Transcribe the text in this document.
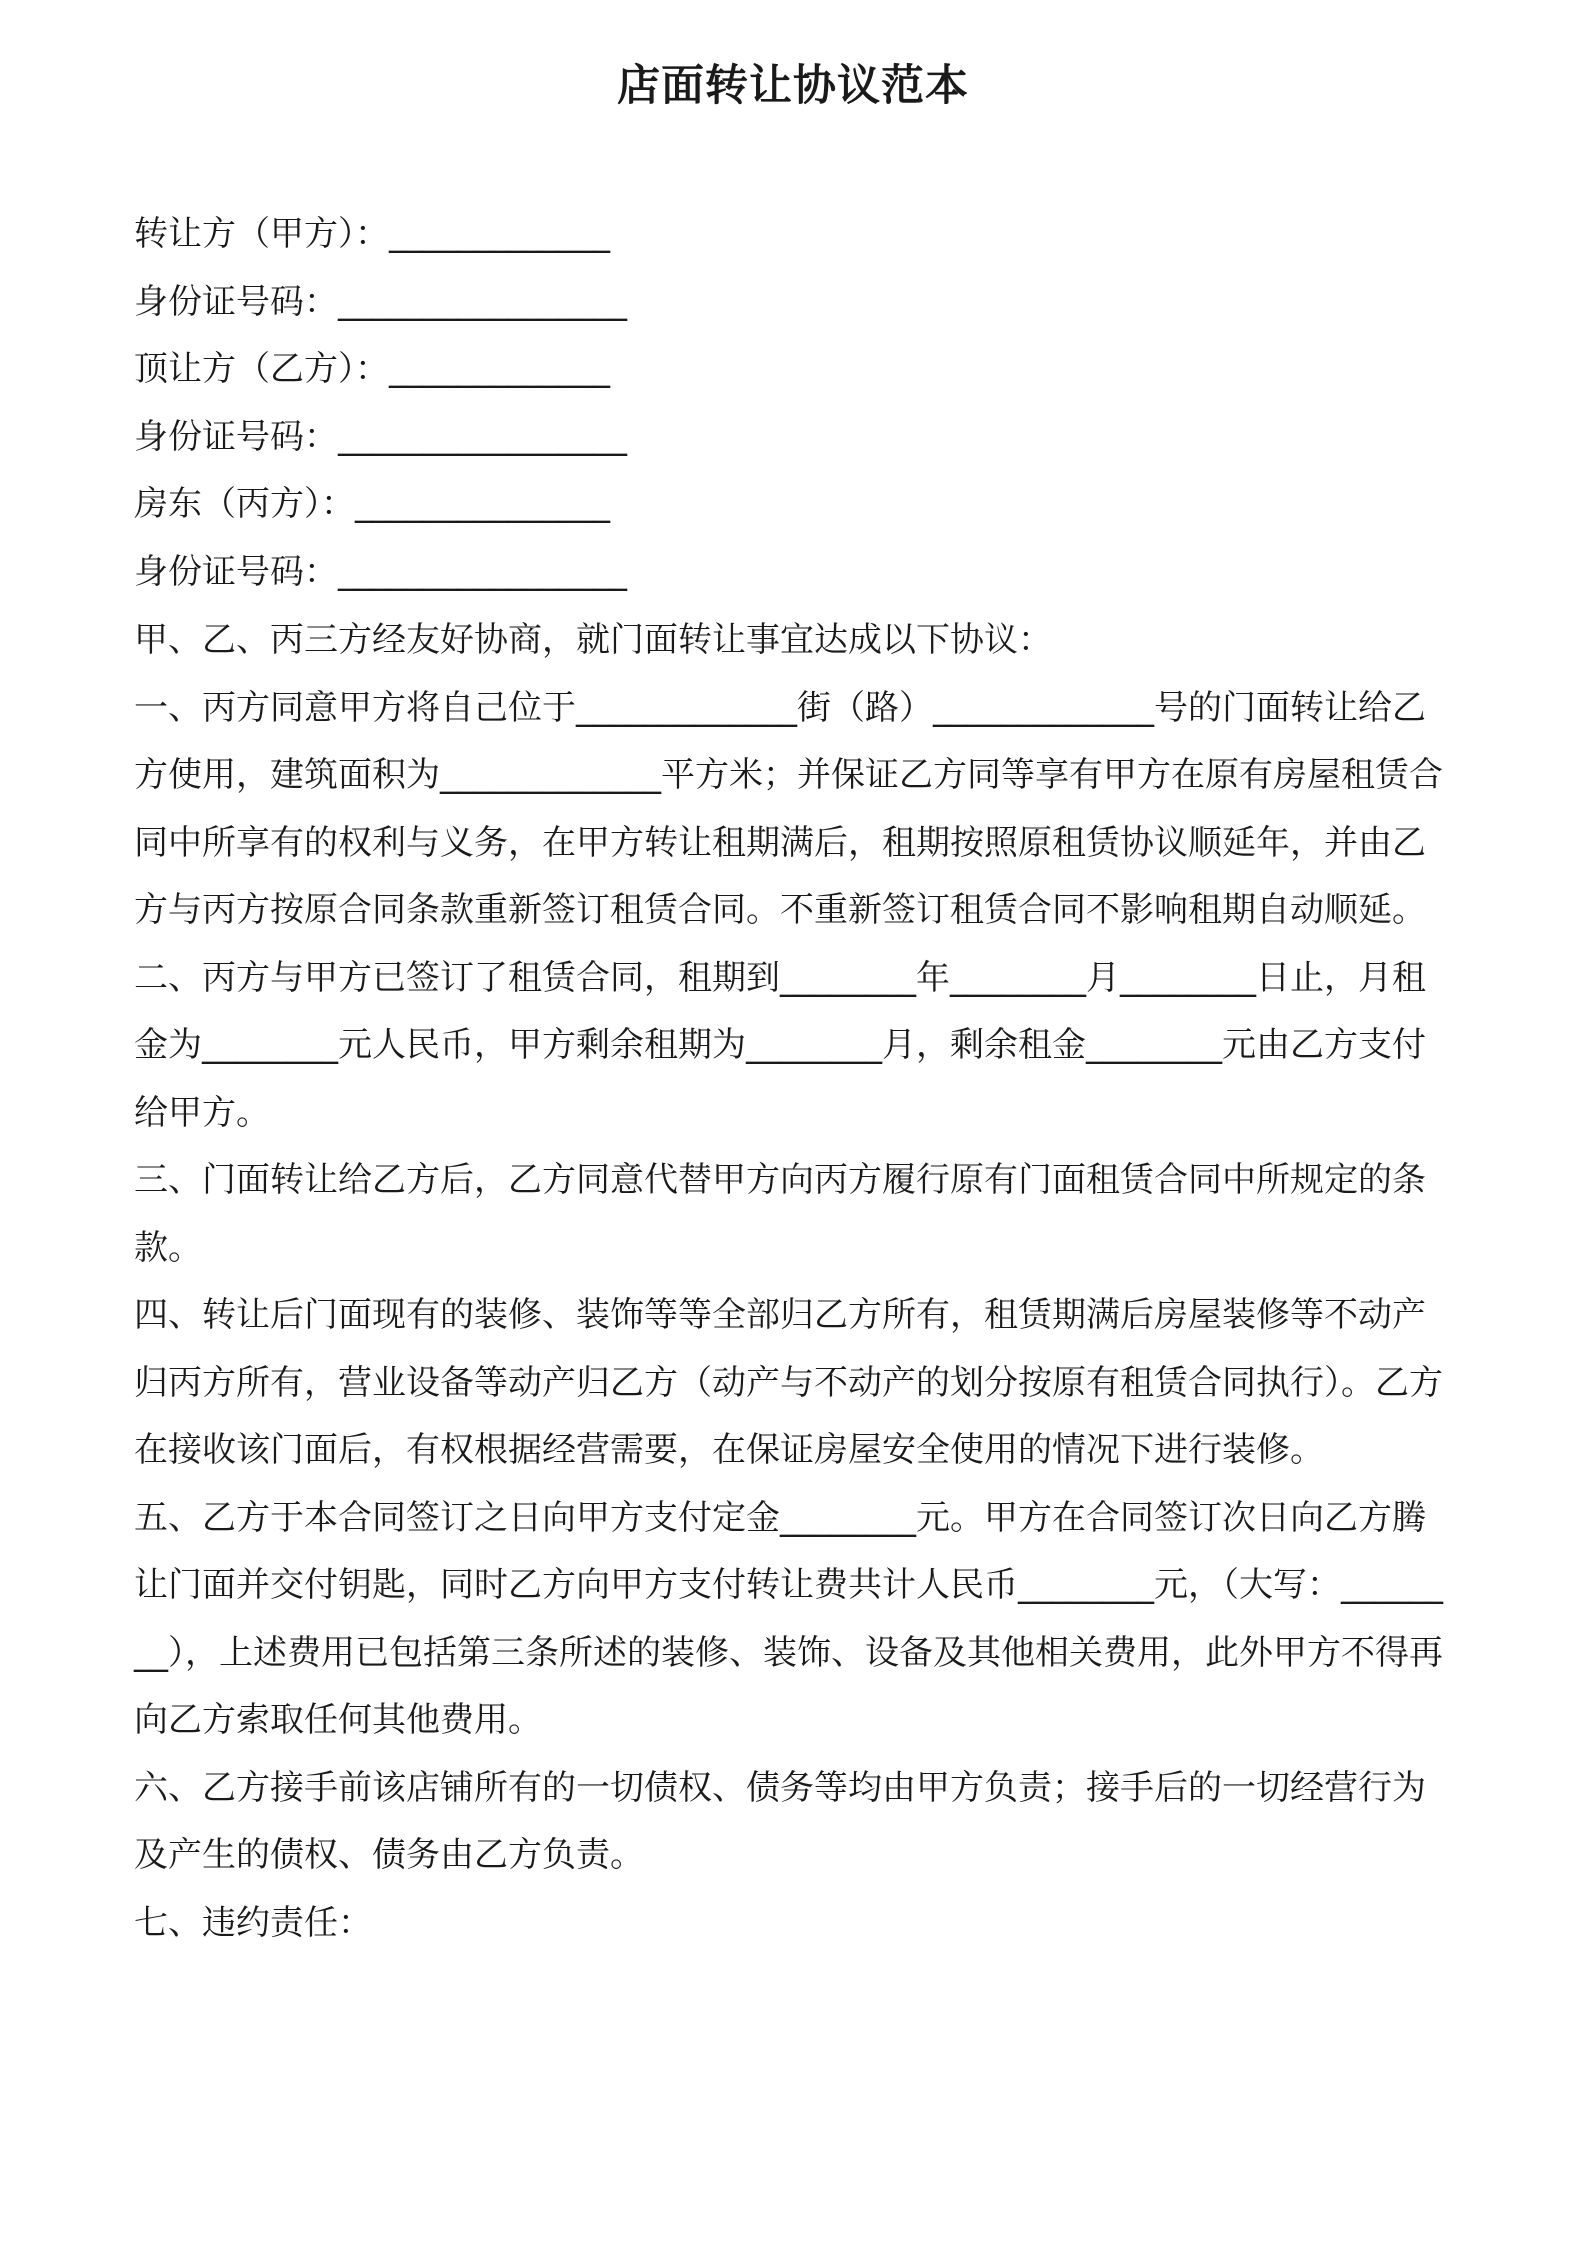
店面转让协议范本
转让方（甲方）：_____________
身份证号码：_________________
顶让方（乙方）：_____________
身份证号码：_________________
房东（丙方）：_______________
身份证号码：_________________

甲、乙、丙三方经友好协商，就门面转让事宜达成以下协议：

一、丙方同意甲方将自己位于_____________街（路）_____________号的门面转让给乙方使用，建筑面积为_____________平方米；并保证乙方同等享有甲方在原有房屋租赁合同中所享有的权利与义务，在甲方转让租期满后，租期按照原租赁协议顺延年，并由乙方与丙方按原合同条款重新签订租赁合同。不重新签订租赁合同不影响租期自动顺延。

二、丙方与甲方已签订了租赁合同，租期到________年________月________日止，月租金为________元人民币，甲方剩余租期为________月，剩余租金________元由乙方支付给甲方。

三、门面转让给乙方后，乙方同意代替甲方向丙方履行原有门面租赁合同中所规定的条款。

四、转让后门面现有的装修、装饰等等全部归乙方所有，租赁期满后房屋装修等不动产归丙方所有，营业设备等动产归乙方（动产与不动产的划分按原有租赁合同执行）。乙方在接收该门面后，有权根据经营需要，在保证房屋安全使用的情况下进行装修。

五、乙方于本合同签订之日向甲方支付定金________元。甲方在合同签订次日向乙方腾让门面并交付钥匙，同时乙方向甲方支付转让费共计人民币________元，（大写：________），上述费用已包括第三条所述的装修、装饰、设备及其他相关费用，此外甲方不得再向乙方索取任何其他费用。

六、乙方接手前该店铺所有的一切债权、债务等均由甲方负责；接手后的一切经营行为及产生的债权、债务由乙方负责。

七、违约责任：
